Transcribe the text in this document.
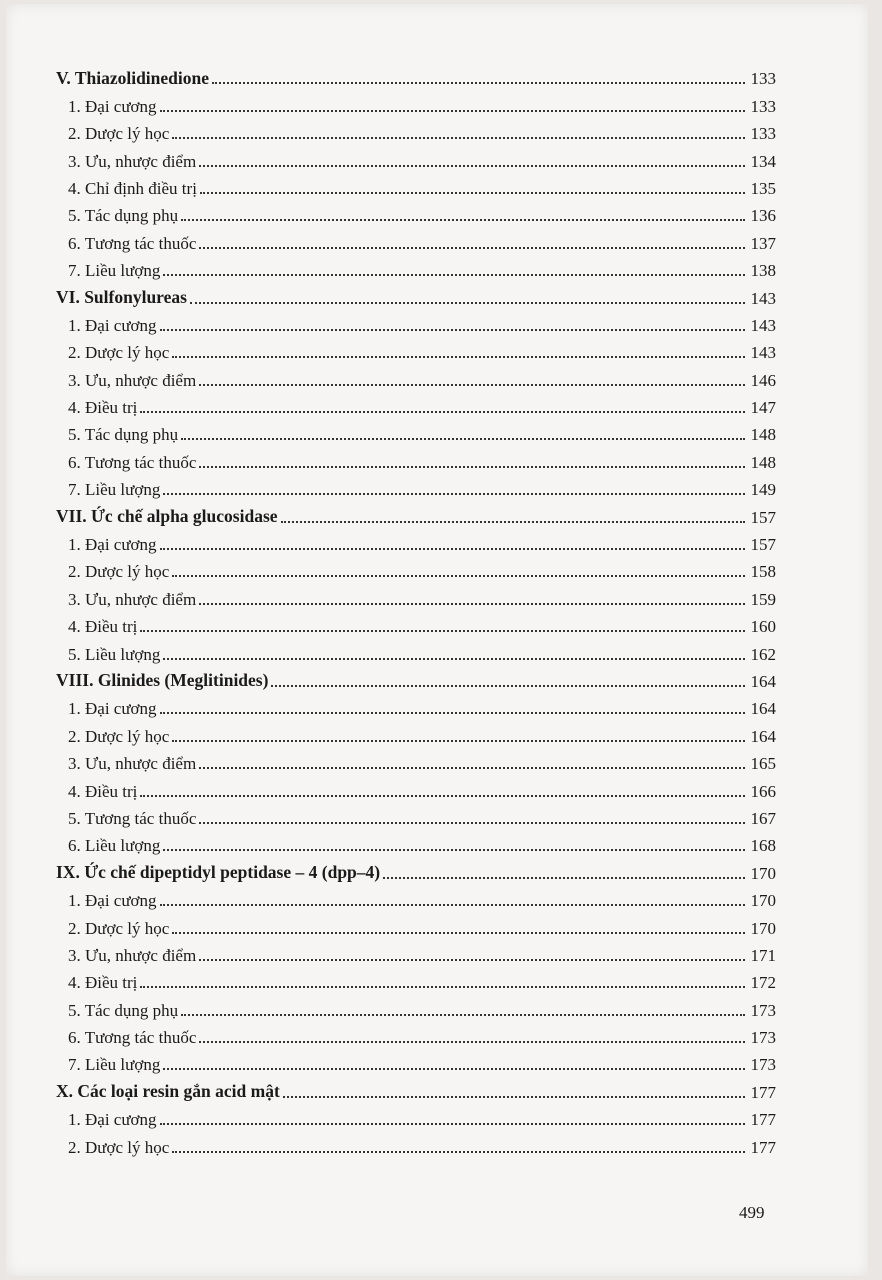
V. Thiazolidinedione	133
1. Đại cương	133
2. Dược lý học	133
3. Ưu, nhược điểm	134
4. Chỉ định điều trị	135
5. Tác dụng phụ	136
6. Tương tác thuốc	137
7. Liều lượng	138
VI. Sulfonylureas	143
1. Đại cương	143
2. Dược lý học	143
3. Ưu, nhược điểm	146
4. Điều trị	147
5. Tác dụng phụ	148
6. Tương tác thuốc	148
7. Liều lượng	149
VII. Ức chế alpha glucosidase	157
1. Đại cương	157
2. Dược lý học	158
3. Ưu, nhược điểm	159
4. Điều trị	160
5. Liều lượng	162
VIII. Glinides (Meglitinides)	164
1. Đại cương	164
2. Dược lý học	164
3. Ưu, nhược điểm	165
4. Điều trị	166
5. Tương tác thuốc	167
6. Liều lượng	168
IX. Ức chế dipeptidyl peptidase – 4 (dpp–4)	170
1. Đại cương	170
2. Dược lý học	170
3. Ưu, nhược điểm	171
4. Điều trị	172
5. Tác dụng phụ	173
6. Tương tác thuốc	173
7. Liều lượng	173
X. Các loại resin gắn acid mật	177
1. Đại cương	177
2. Dược lý học	177
499
